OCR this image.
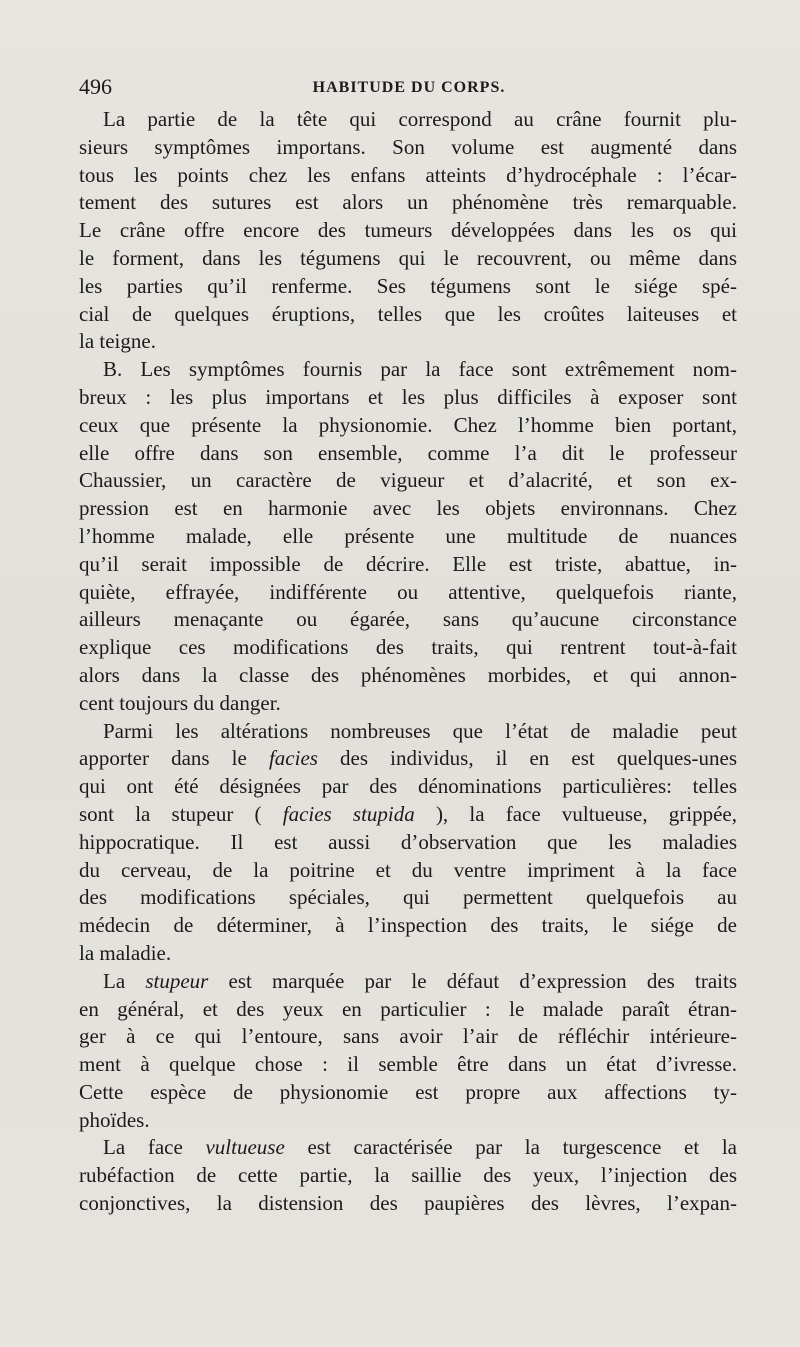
496	HABITUDE DU CORPS.
La partie de la tête qui correspond au crâne fournit plu-
sieurs symptômes importans. Son volume est augmenté dans
tous les points chez les enfans atteints d’hydrocéphale : l’écar-
tement des sutures est alors un phénomène très remarquable.
Le crâne offre encore des tumeurs développées dans les os qui
le forment, dans les tégumens qui le recouvrent, ou même dans
les parties qu’il renferme. Ses tégumens sont le siége spé-
cial de quelques éruptions, telles que les croûtes laiteuses et
la teigne.
B. Les symptômes fournis par la face sont extrêmement nom-
breux : les plus importans et les plus difficiles à exposer sont
ceux que présente la physionomie. Chez l’homme bien portant,
elle offre dans son ensemble, comme l’a dit le professeur
Chaussier, un caractère de vigueur et d’alacrité, et son ex-
pression est en harmonie avec les objets environnans. Chez
l’homme malade, elle présente une multitude de nuances
qu’il serait impossible de décrire. Elle est triste, abattue, in-
quiète, effrayée, indifférente ou attentive, quelquefois riante,
ailleurs menaçante ou égarée, sans qu’aucune circonstance
explique ces modifications des traits, qui rentrent tout-à-fait
alors dans la classe des phénomènes morbides, et qui annon-
cent toujours du danger.
Parmi les altérations nombreuses que l’état de maladie peut
apporter dans le facies des individus, il en est quelques-unes
qui ont été désignées par des dénominations particulières: telles
sont la stupeur ( facies stupida ), la face vultueuse, grippée,
hippocratique. Il est aussi d’observation que les maladies
du cerveau, de la poitrine et du ventre impriment à la face
des modifications spéciales, qui permettent quelquefois au
médecin de déterminer, à l’inspection des traits, le siége de
la maladie.
La stupeur est marquée par le défaut d’expression des traits
en général, et des yeux en particulier : le malade paraît étran-
ger à ce qui l’entoure, sans avoir l’air de réfléchir intérieure-
ment à quelque chose : il semble être dans un état d’ivresse.
Cette espèce de physionomie est propre aux affections ty-
phoïdes.
La face vultueuse est caractérisée par la turgescence et la
rubéfaction de cette partie, la saillie des yeux, l’injection des
conjonctives, la distension des paupières des lèvres, l’expan-
